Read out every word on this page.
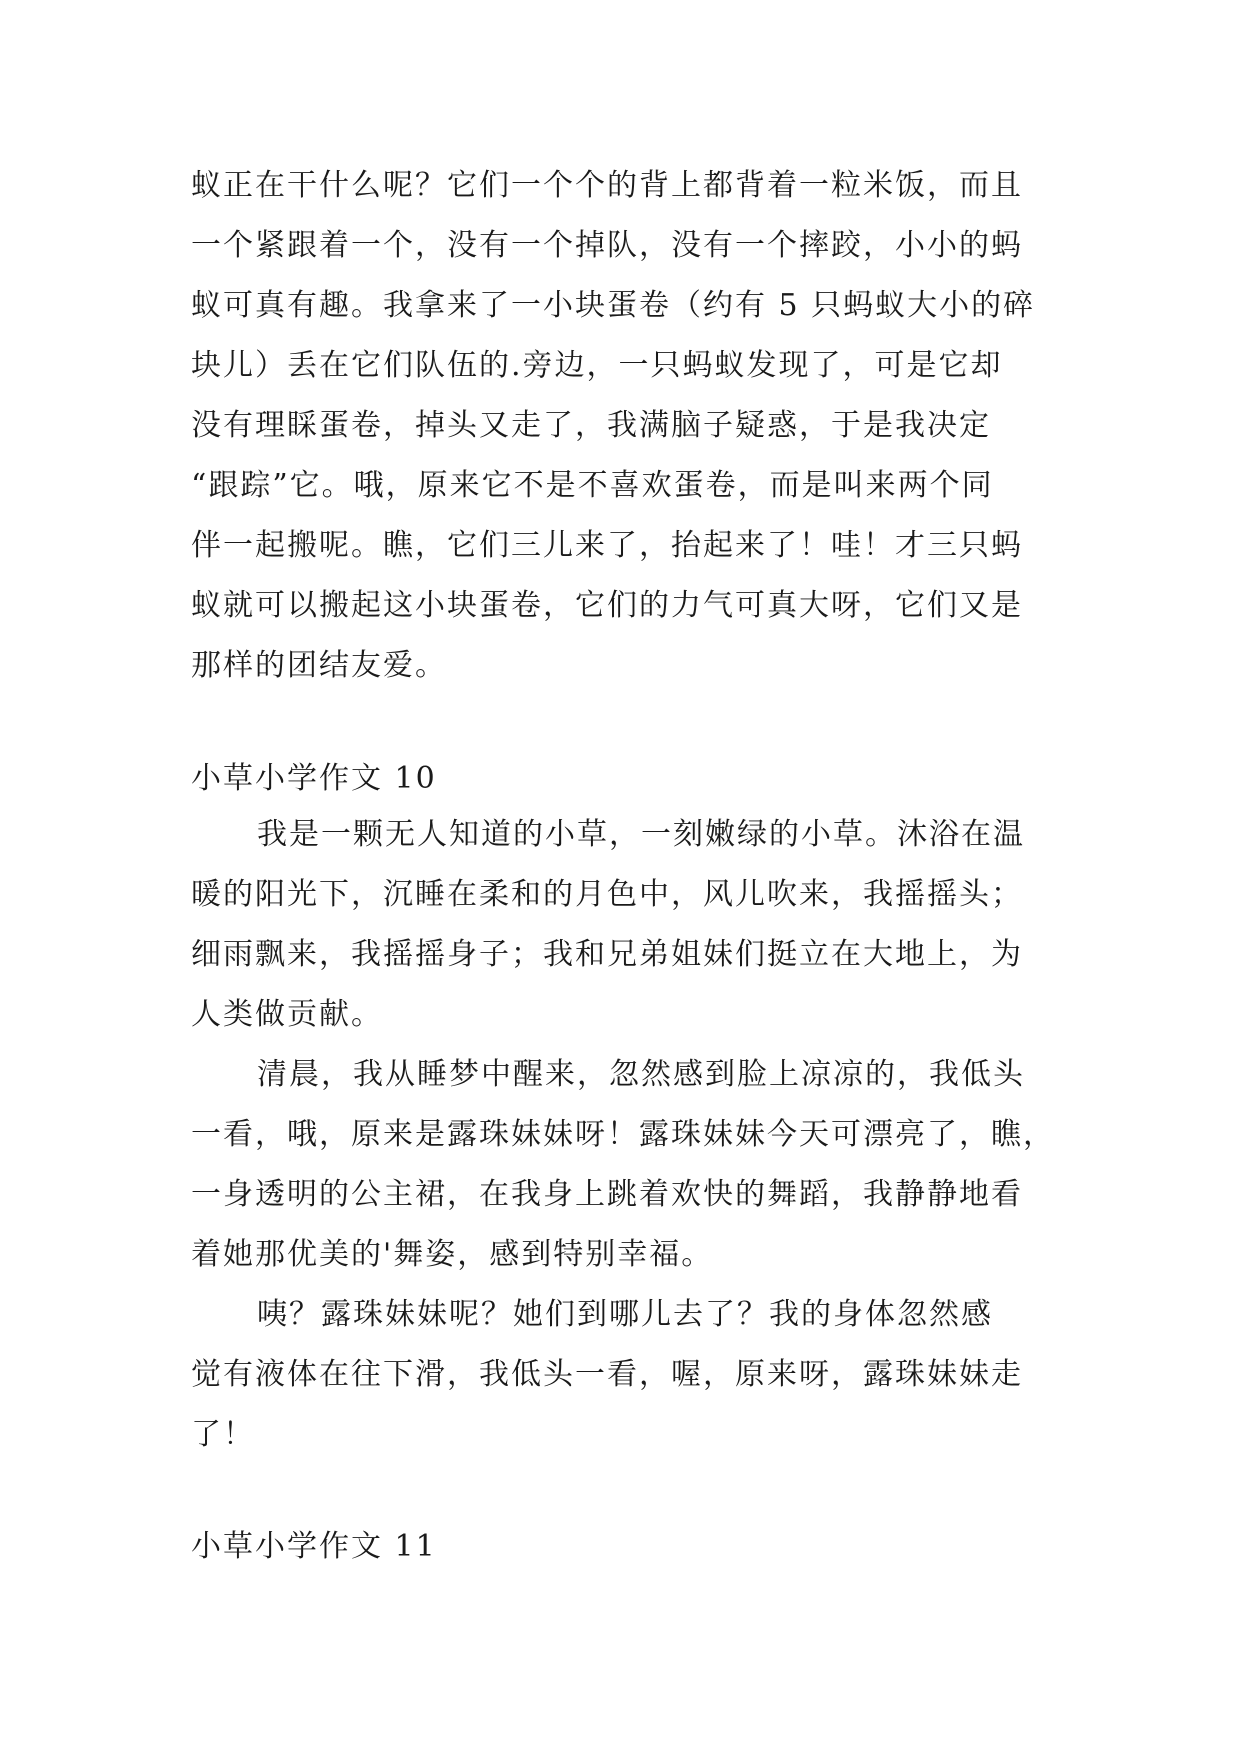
蚁正在干什么呢？它们一个个的背上都背着一粒米饭，而且
一个紧跟着一个，没有一个掉队，没有一个摔跤，小小的蚂
蚁可真有趣。我拿来了一小块蛋卷（约有 5 只蚂蚁大小的碎
块儿）丢在它们队伍的.旁边，一只蚂蚁发现了，可是它却
没有理睬蛋卷，掉头又走了，我满脑子疑惑，于是我决定
“跟踪”它。哦，原来它不是不喜欢蛋卷，而是叫来两个同
伴一起搬呢。瞧，它们三儿来了，抬起来了！哇！才三只蚂
蚁就可以搬起这小块蛋卷，它们的力气可真大呀，它们又是
那样的团结友爱。
小草小学作文 10
我是一颗无人知道的小草，一刻嫩绿的小草。沐浴在温
暖的阳光下，沉睡在柔和的月色中，风儿吹来，我摇摇头；
细雨飘来，我摇摇身子；我和兄弟姐妹们挺立在大地上，为
人类做贡献。
清晨，我从睡梦中醒来，忽然感到脸上凉凉的，我低头
一看，哦，原来是露珠妹妹呀！露珠妹妹今天可漂亮了，瞧，
一身透明的公主裙，在我身上跳着欢快的舞蹈，我静静地看
着她那优美的'舞姿，感到特别幸福。
咦？露珠妹妹呢？她们到哪儿去了？我的身体忽然感
觉有液体在往下滑，我低头一看，喔，原来呀，露珠妹妹走
了！
小草小学作文 11
